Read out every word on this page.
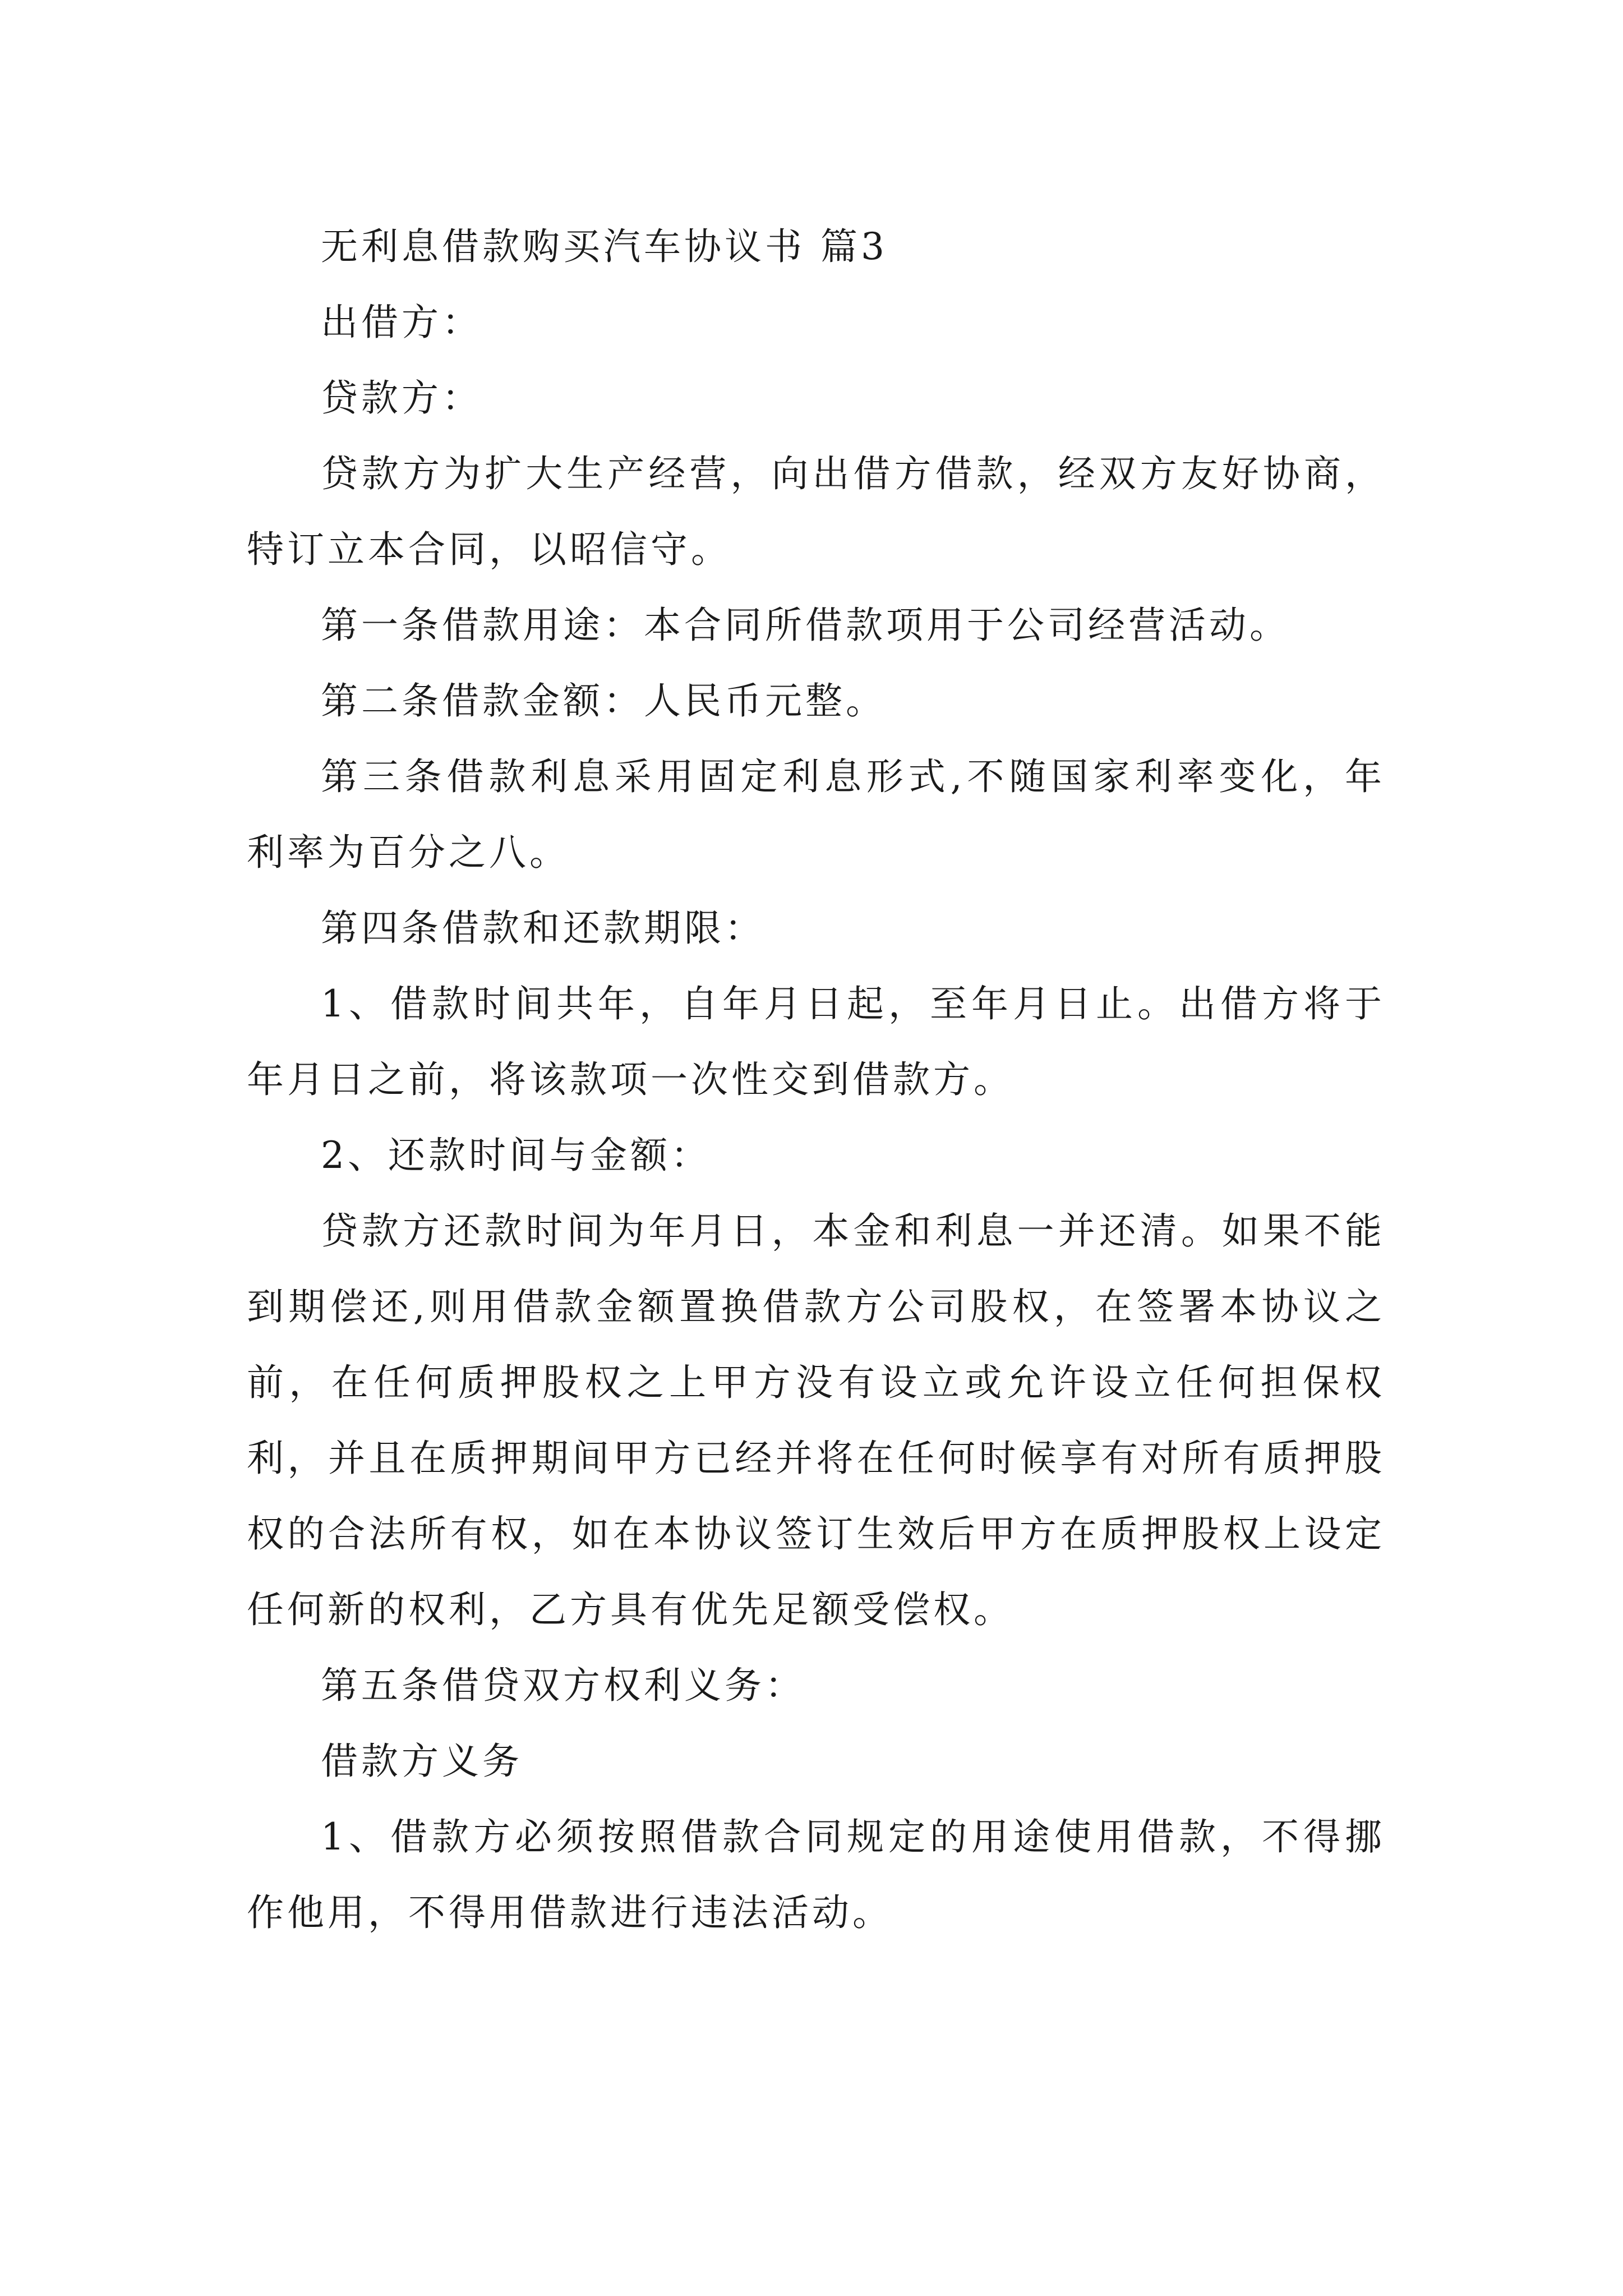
无利息借款购买汽车协议书 篇3

出借方：

贷款方：

贷款方为扩大生产经营，向出借方借款，经双方友好协商，特订立本合同，以昭信守。

第一条借款用途：本合同所借款项用于公司经营活动。

第二条借款金额：人民币元整。

第三条借款利息采用固定利息形式,不随国家利率变化，年利率为百分之八。

第四条借款和还款期限：

1、借款时间共年，自年月日起，至年月日止。出借方将于年月日之前，将该款项一次性交到借款方。

2、还款时间与金额：

贷款方还款时间为年月日，本金和利息一并还清。如果不能到期偿还,则用借款金额置换借款方公司股权，在签署本协议之前，在任何质押股权之上甲方没有设立或允许设立任何担保权利，并且在质押期间甲方已经并将在任何时候享有对所有质押股权的合法所有权，如在本协议签订生效后甲方在质押股权上设定任何新的权利，乙方具有优先足额受偿权。

第五条借贷双方权利义务：

借款方义务

1、借款方必须按照借款合同规定的用途使用借款，不得挪作他用，不得用借款进行违法活动。
